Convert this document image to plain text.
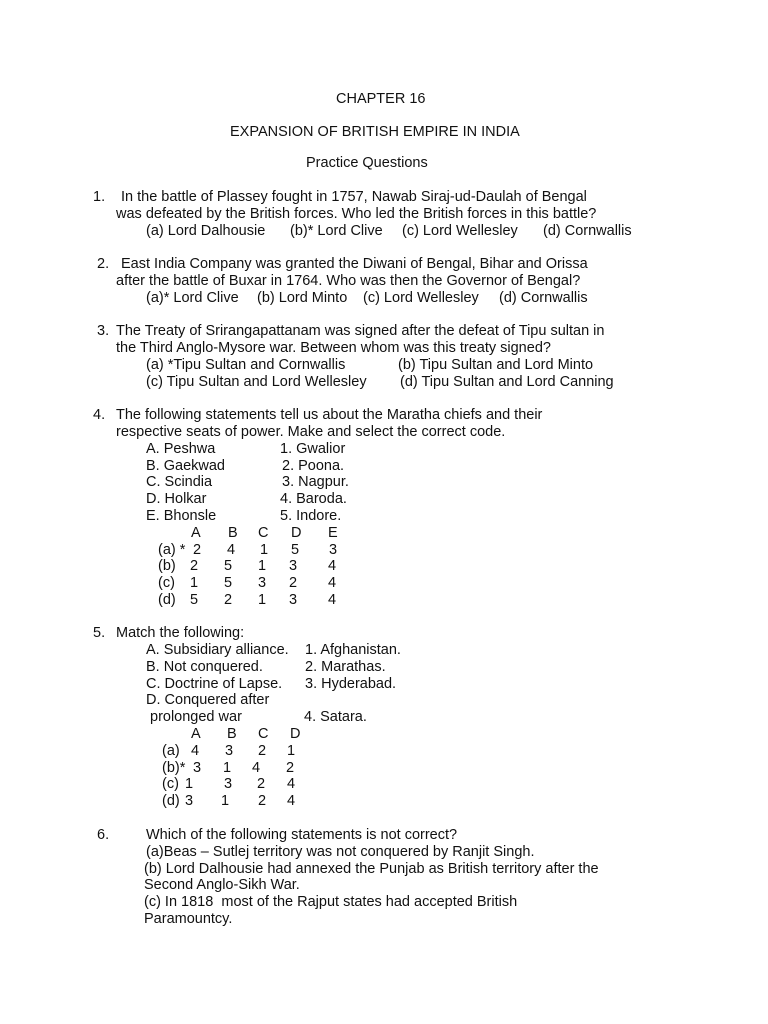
CHAPTER 16
EXPANSION OF BRITISH EMPIRE IN INDIA
Practice Questions
1. In the battle of Plassey fought in 1757, Nawab Siraj-ud-Daulah of Bengal
was defeated by the British forces. Who led the British forces in this battle?
(a) Lord Dalhousie (b)* Lord Clive (c) Lord Wellesley (d) Cornwallis
2. East India Company was granted the Diwani of Bengal, Bihar and Orissa
after the battle of Buxar in 1764. Who was then the Governor of Bengal?
(a)* Lord Clive (b) Lord Minto (c) Lord Wellesley (d) Cornwallis
3. The Treaty of Srirangapattanam was signed after the defeat of Tipu sultan in
the Third Anglo-Mysore war. Between whom was this treaty signed?
(a) *Tipu Sultan and Cornwallis	(b) Tipu Sultan and Lord Minto
(c) Tipu Sultan and Lord Wellesley (d) Tipu Sultan and Lord Canning
4. The following statements tell us about the Maratha chiefs and their
respective seats of power. Make and select the correct code.
A. Peshwa
B. Gaekwad
C. Scindia
D. Holkar
E. Bhonsle
1. Gwalior
2. Poona.
3. Nagpur.
4. Baroda.
5. Indore.
A B C D E
(a) * 2 4 1 5 3
(b) 2 5 1 3 4
(c) 1 5 3 2 4
(d) 5 2 1 3 4
5. Match the following:
A. Subsidiary alliance.
B. Not conquered.
C. Doctrine of Lapse.
D. Conquered after
prolonged war
1. Afghanistan.
2. Marathas.
3. Hyderabad.
4. Satara.
A B C D
(a) 4 3 2 1
(b)* 3 1 4 2
(c) 1 3 2 4
(d) 3 1 2 4
6.	Which of the following statements is not correct?
(a)Beas – Sutlej territory was not conquered by Ranjit Singh.
(b) Lord Dalhousie had annexed the Punjab as British territory after the
Second Anglo-Sikh War.
(c) In 1818  most of the Rajput states had accepted British
Paramountcy.
